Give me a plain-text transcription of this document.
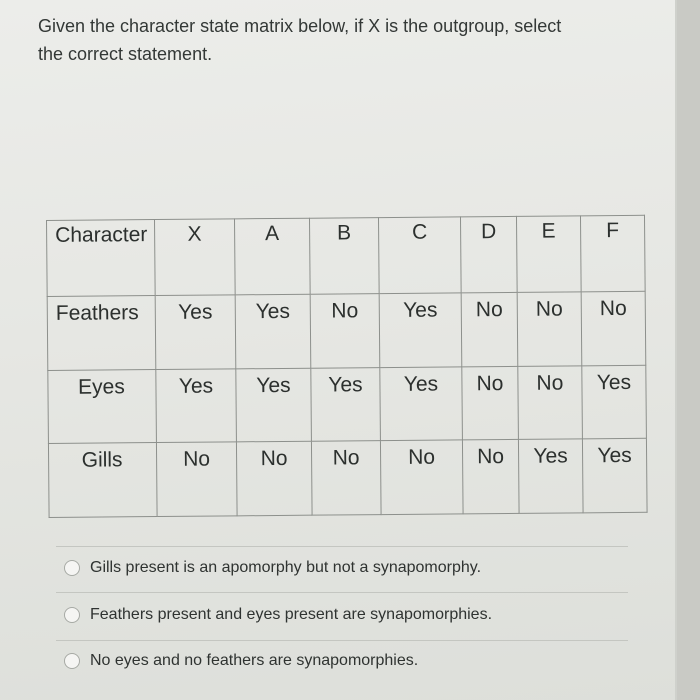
Given the character state matrix below, if X is the outgroup, select
the correct statement.

Character	X	A	B	C	D	E	F
Feathers	Yes	Yes	No	Yes	No	No	No
Eyes	Yes	Yes	Yes	Yes	No	No	Yes
Gills	No	No	No	No	No	Yes	Yes
Gills present is an apomorphy but not a synapomorphy.
Feathers present and eyes present are synapomorphies.
No eyes and no feathers are synapomorphies.
